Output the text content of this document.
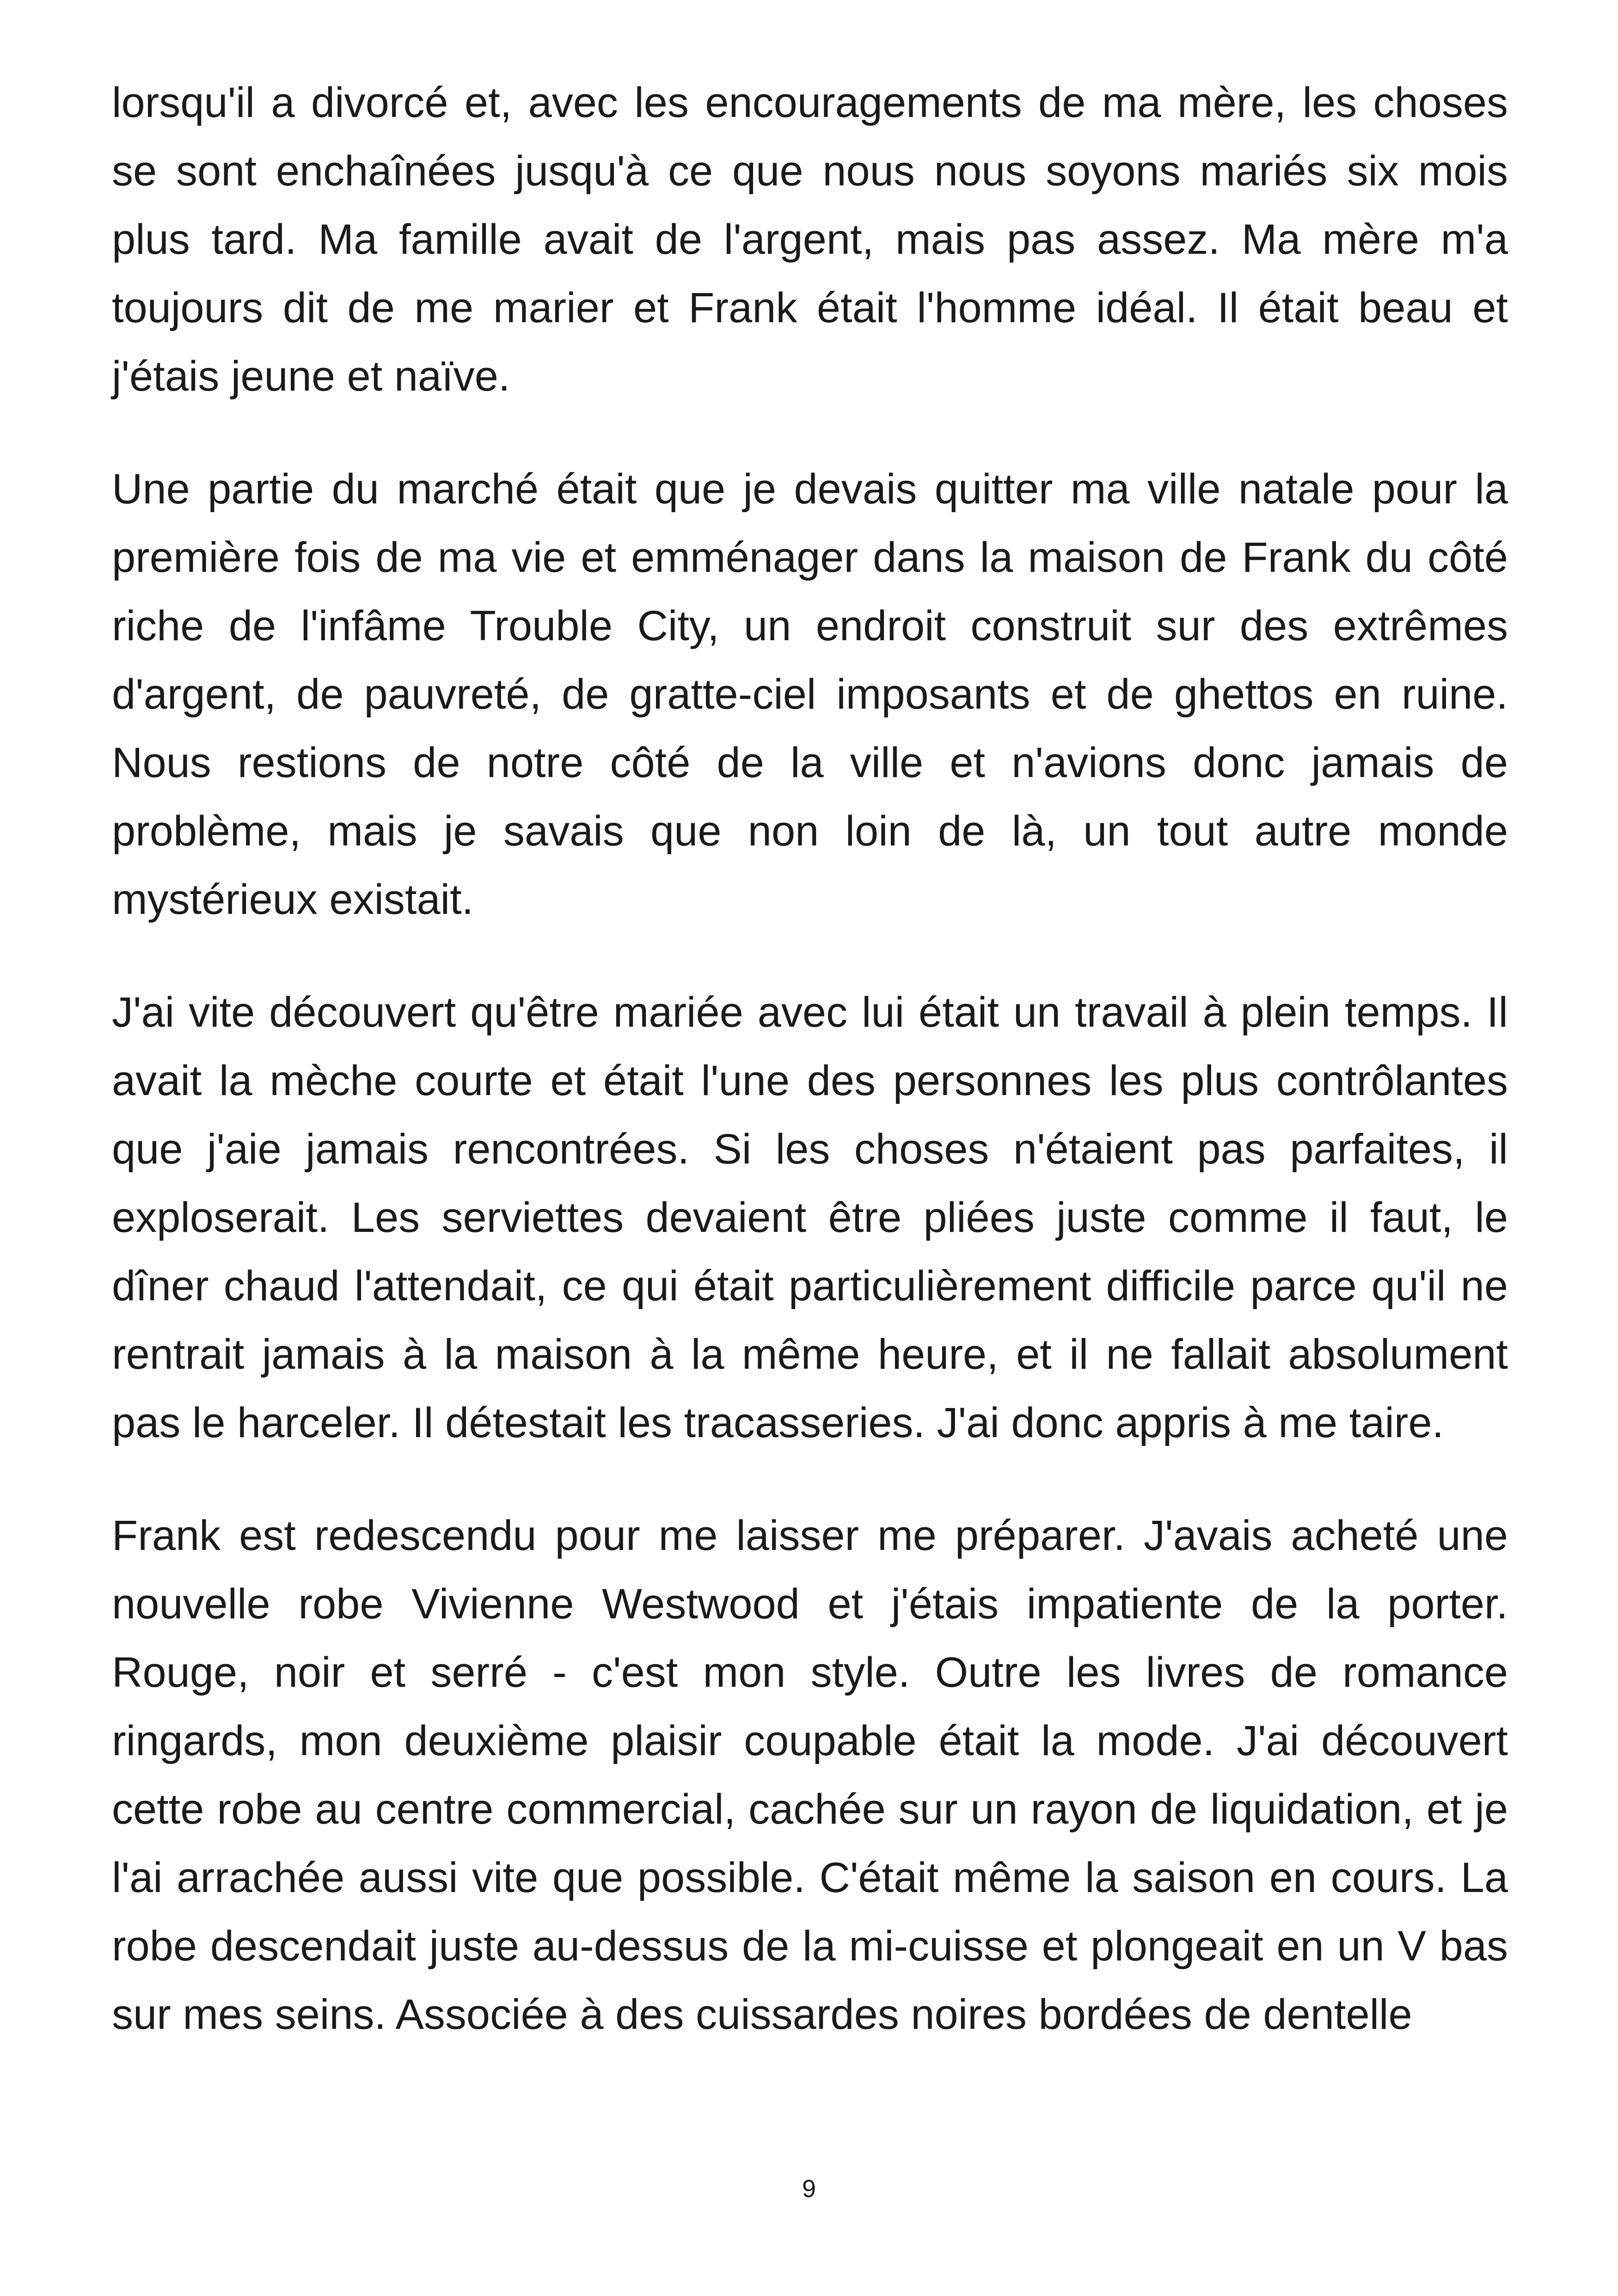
lorsqu'il a divorcé et, avec les encouragements de ma mère, les choses se sont enchaînées jusqu'à ce que nous nous soyons mariés six mois plus tard. Ma famille avait de l'argent, mais pas assez. Ma mère m'a toujours dit de me marier et Frank était l'homme idéal. Il était beau et j'étais jeune et naïve.

Une partie du marché était que je devais quitter ma ville natale pour la première fois de ma vie et emménager dans la maison de Frank du côté riche de l'infâme Trouble City, un endroit construit sur des extrêmes d'argent, de pauvreté, de gratte-ciel imposants et de ghettos en ruine. Nous restions de notre côté de la ville et n'avions donc jamais de problème, mais je savais que non loin de là, un tout autre monde mystérieux existait.

J'ai vite découvert qu'être mariée avec lui était un travail à plein temps. Il avait la mèche courte et était l'une des personnes les plus contrôlantes que j'aie jamais rencontrées. Si les choses n'étaient pas parfaites, il exploserait. Les serviettes devaient être pliées juste comme il faut, le dîner chaud l'attendait, ce qui était particulièrement difficile parce qu'il ne rentrait jamais à la maison à la même heure, et il ne fallait absolument pas le harceler. Il détestait les tracasseries. J'ai donc appris à me taire.

Frank est redescendu pour me laisser me préparer. J'avais acheté une nouvelle robe Vivienne Westwood et j'étais impatiente de la porter. Rouge, noir et serré - c'est mon style. Outre les livres de romance ringards, mon deuxième plaisir coupable était la mode. J'ai découvert cette robe au centre commercial, cachée sur un rayon de liquidation, et je l'ai arrachée aussi vite que possible. C'était même la saison en cours. La robe descendait juste au-dessus de la mi-cuisse et plongeait en un V bas sur mes seins. Associée à des cuissardes noires bordées de dentelle

9
